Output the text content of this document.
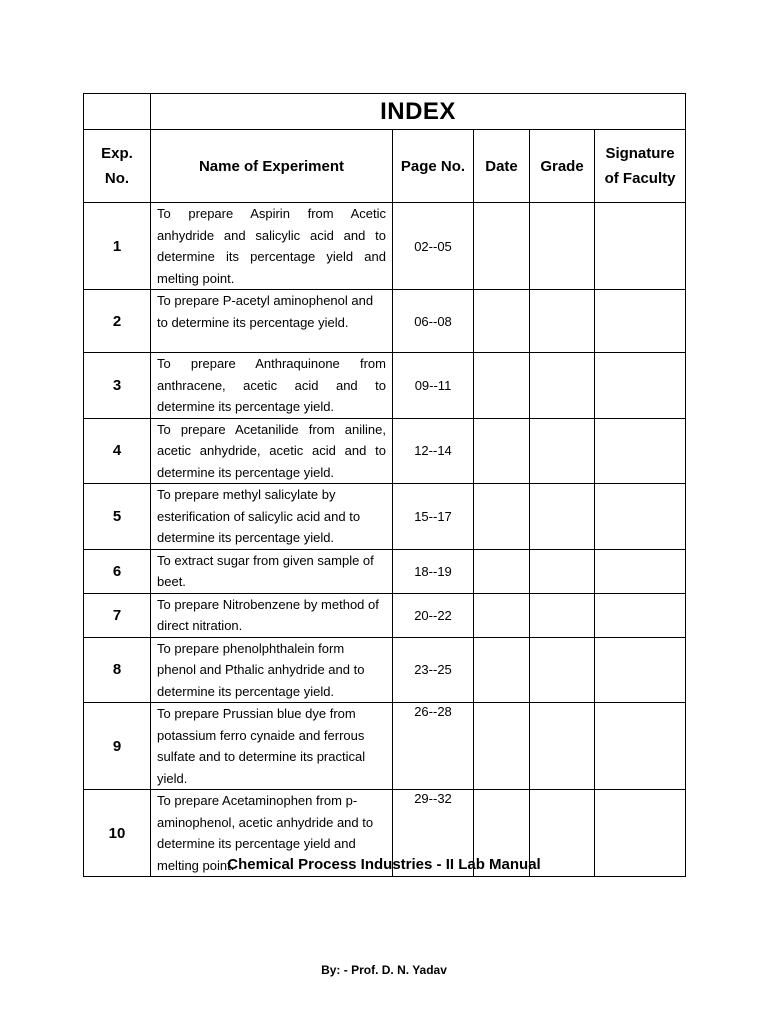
	INDEX				

Exp. No.	Name of Experiment	Page No.	Date	Grade	Signature of Faculty

1	To prepare Aspirin from Acetic anhydride and salicylic acid and to determine its percentage yield and melting point.	02--05			
2	To prepare P-acetyl aminophenol and to determine its percentage yield.	06--08			
3	To prepare Anthraquinone from anthracene, acetic acid and to determine its percentage yield.	09--11			
4	To prepare Acetanilide from aniline, acetic anhydride, acetic acid and to determine its percentage yield.	12--14			
5	To prepare methyl salicylate by esterification of salicylic acid and to determine its percentage yield.	15--17			
6	To extract sugar from given sample of beet.	18--19			
7	To prepare Nitrobenzene by method of direct nitration.	20--22			
8	To prepare phenolphthalein form phenol and Pthalic anhydride and to determine its percentage yield.	23--25			
9	To prepare Prussian blue dye from potassium ferro cynaide and ferrous sulfate and to determine its practical yield.	26--28			
10	To prepare Acetaminophen from p-aminophenol, acetic anhydride and to determine its percentage yield and melting point.	29--32			
Chemical Process Industries - II Lab Manual
By: - Prof. D. N. Yadav
